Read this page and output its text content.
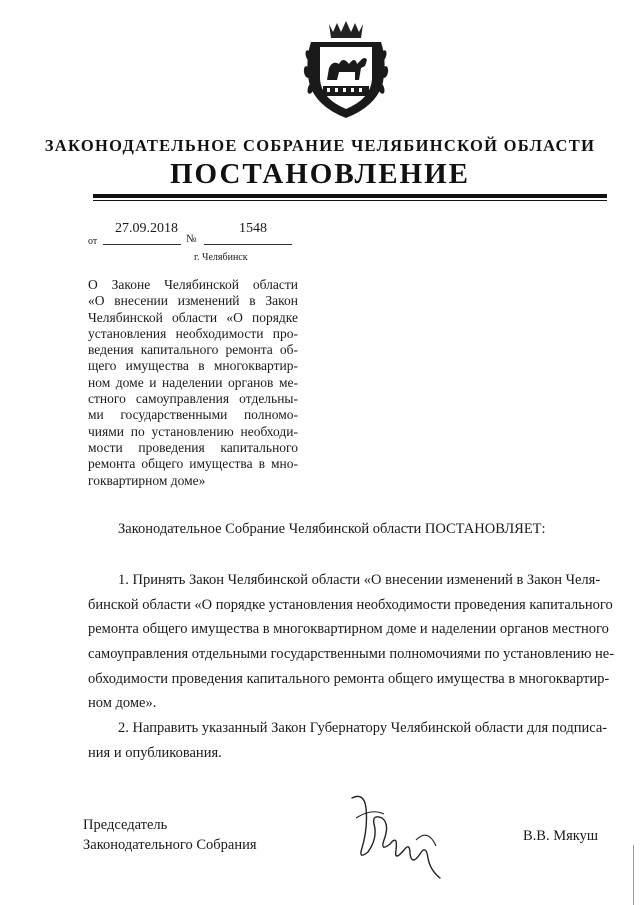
ЗАКОНОДАТЕЛЬНОЕ СОБРАНИЕ ЧЕЛЯБИНСКОЙ ОБЛАСТИ
ПОСТАНОВЛЕНИЕ
от
27.09.2018
№
1548
г. Челябинск
О Законе Челябинской области
«О внесении изменений в Закон
Челябинской области «О порядке
установления необходимости про-
ведения капитального ремонта об-
щего имущества в многоквартир-
ном доме и наделении органов ме-
стного самоуправления отдельны-
ми государственными полномо-
чиями по установлению необходи-
мости проведения капитального
ремонта общего имущества в мно-
гоквартирном доме»
Законодательное Собрание Челябинской области ПОСТАНОВЛЯЕТ:
1. Принять Закон Челябинской области «О внесении изменений в Закон Челя-
бинской области «О порядке установления необходимости проведения капитального
ремонта общего имущества в многоквартирном доме и наделении органов местного
самоуправления отдельными государственными полномочиями по установлению не-
обходимости проведения капитального ремонта общего имущества в многоквартир-
ном доме».
2. Направить указанный Закон Губернатору Челябинской области для подписа-
ния и опубликования.
Председатель
Законодательного Собрания
В.В. Мякуш
